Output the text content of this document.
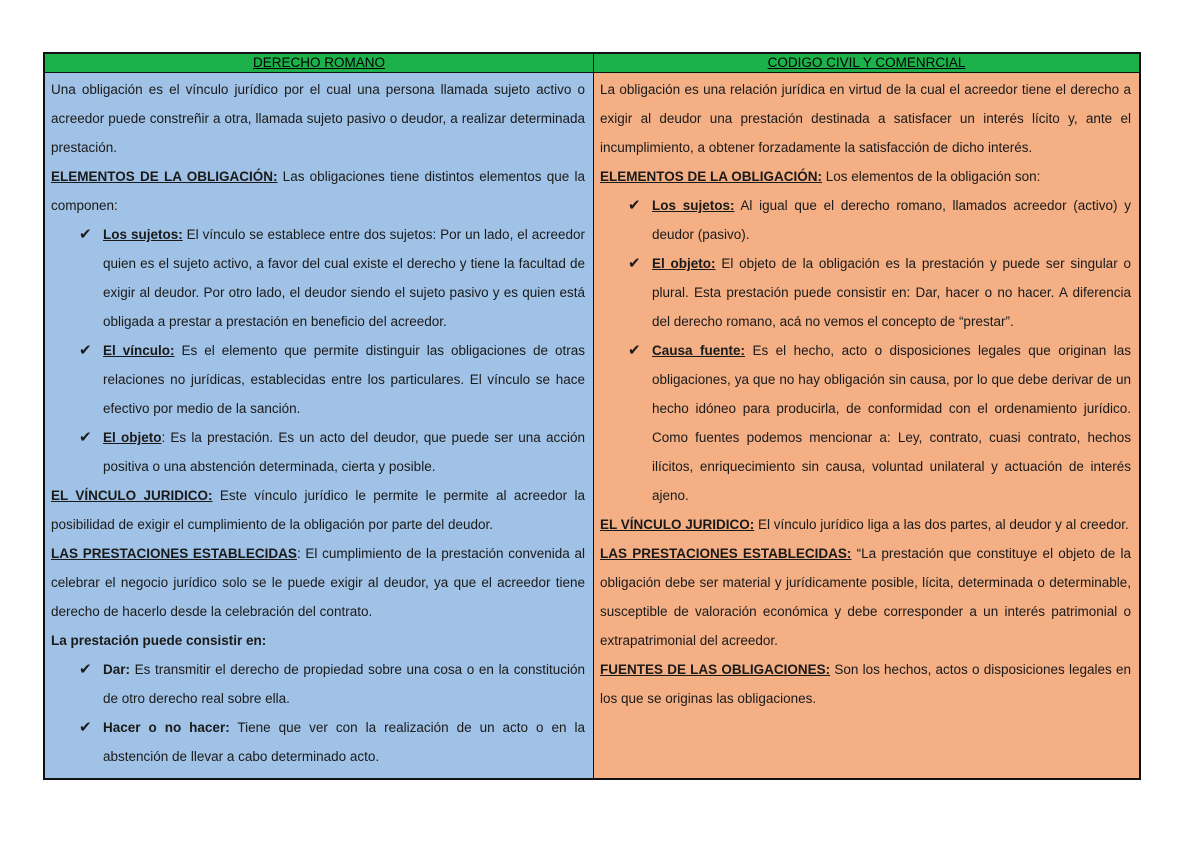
DERECHO ROMANO	CODIGO CIVIL Y COMENRCIAL

Una obligación es el vínculo jurídico por el cual una persona llamada sujeto activo o acreedor puede constreñir a otra, llamada sujeto pasivo o deudor, a realizar determinada prestación.

ELEMENTOS DE LA OBLIGACIÓN: Las obligaciones tiene distintos elementos que la componen:

✔ Los sujetos: El vínculo se establece entre dos sujetos: Por un lado, el acreedor quien es el sujeto activo, a favor del cual existe el derecho y tiene la facultad de exigir al deudor. Por otro lado, el deudor siendo el sujeto pasivo y es quien está obligada a prestar a prestación en beneficio del acreedor.

✔ El vínculo: Es el elemento que permite distinguir las obligaciones de otras relaciones no jurídicas, establecidas entre los particulares. El vínculo se hace efectivo por medio de la sanción.

✔ El objeto: Es la prestación. Es un acto del deudor, que puede ser una acción positiva o una abstención determinada, cierta y posible.

EL VÍNCULO JURIDICO: Este vínculo jurídico le permite le permite al acreedor la posibilidad de exigir el cumplimiento de la obligación por parte del deudor.

LAS PRESTACIONES ESTABLECIDAS: El cumplimiento de la prestación convenida al celebrar el negocio jurídico solo se le puede exigir al deudor, ya que el acreedor tiene derecho de hacerlo desde la celebración del contrato.

La prestación puede consistir en:

✔ Dar: Es transmitir el derecho de propiedad sobre una cosa o en la constitución de otro derecho real sobre ella.

✔ Hacer o no hacer: Tiene que ver con la realización de un acto o en la abstención de llevar a cabo determinado acto.

La obligación es una relación jurídica en virtud de la cual el acreedor tiene el derecho a exigir al deudor una prestación destinada a satisfacer un interés lícito y, ante el incumplimiento, a obtener forzadamente la satisfacción de dicho interés.

ELEMENTOS DE LA OBLIGACIÓN: Los elementos de la obligación son:

✔ Los sujetos: Al igual que el derecho romano, llamados acreedor (activo) y deudor (pasivo).

✔ El objeto: El objeto de la obligación es la prestación y puede ser singular o plural. Esta prestación puede consistir en: Dar, hacer o no hacer. A diferencia del derecho romano, acá no vemos el concepto de “prestar”.

✔ Causa fuente: Es el hecho, acto o disposiciones legales que originan las obligaciones, ya que no hay obligación sin causa, por lo que debe derivar de un hecho idóneo para producirla, de conformidad con el ordenamiento jurídico. Como fuentes podemos mencionar a: Ley, contrato, cuasi contrato, hechos ilícitos, enriquecimiento sin causa, voluntad unilateral y actuación de interés ajeno.

EL VÍNCULO JURIDICO: El vínculo jurídico liga a las dos partes, al deudor y al creedor.

LAS PRESTACIONES ESTABLECIDAS: “La prestación que constituye el objeto de la obligación debe ser material y jurídicamente posible, lícita, determinada o determinable, susceptible de valoración económica y debe corresponder a un interés patrimonial o extrapatrimonial del acreedor.

FUENTES DE LAS OBLIGACIONES: Son los hechos, actos o disposiciones legales en los que se originas las obligaciones.
